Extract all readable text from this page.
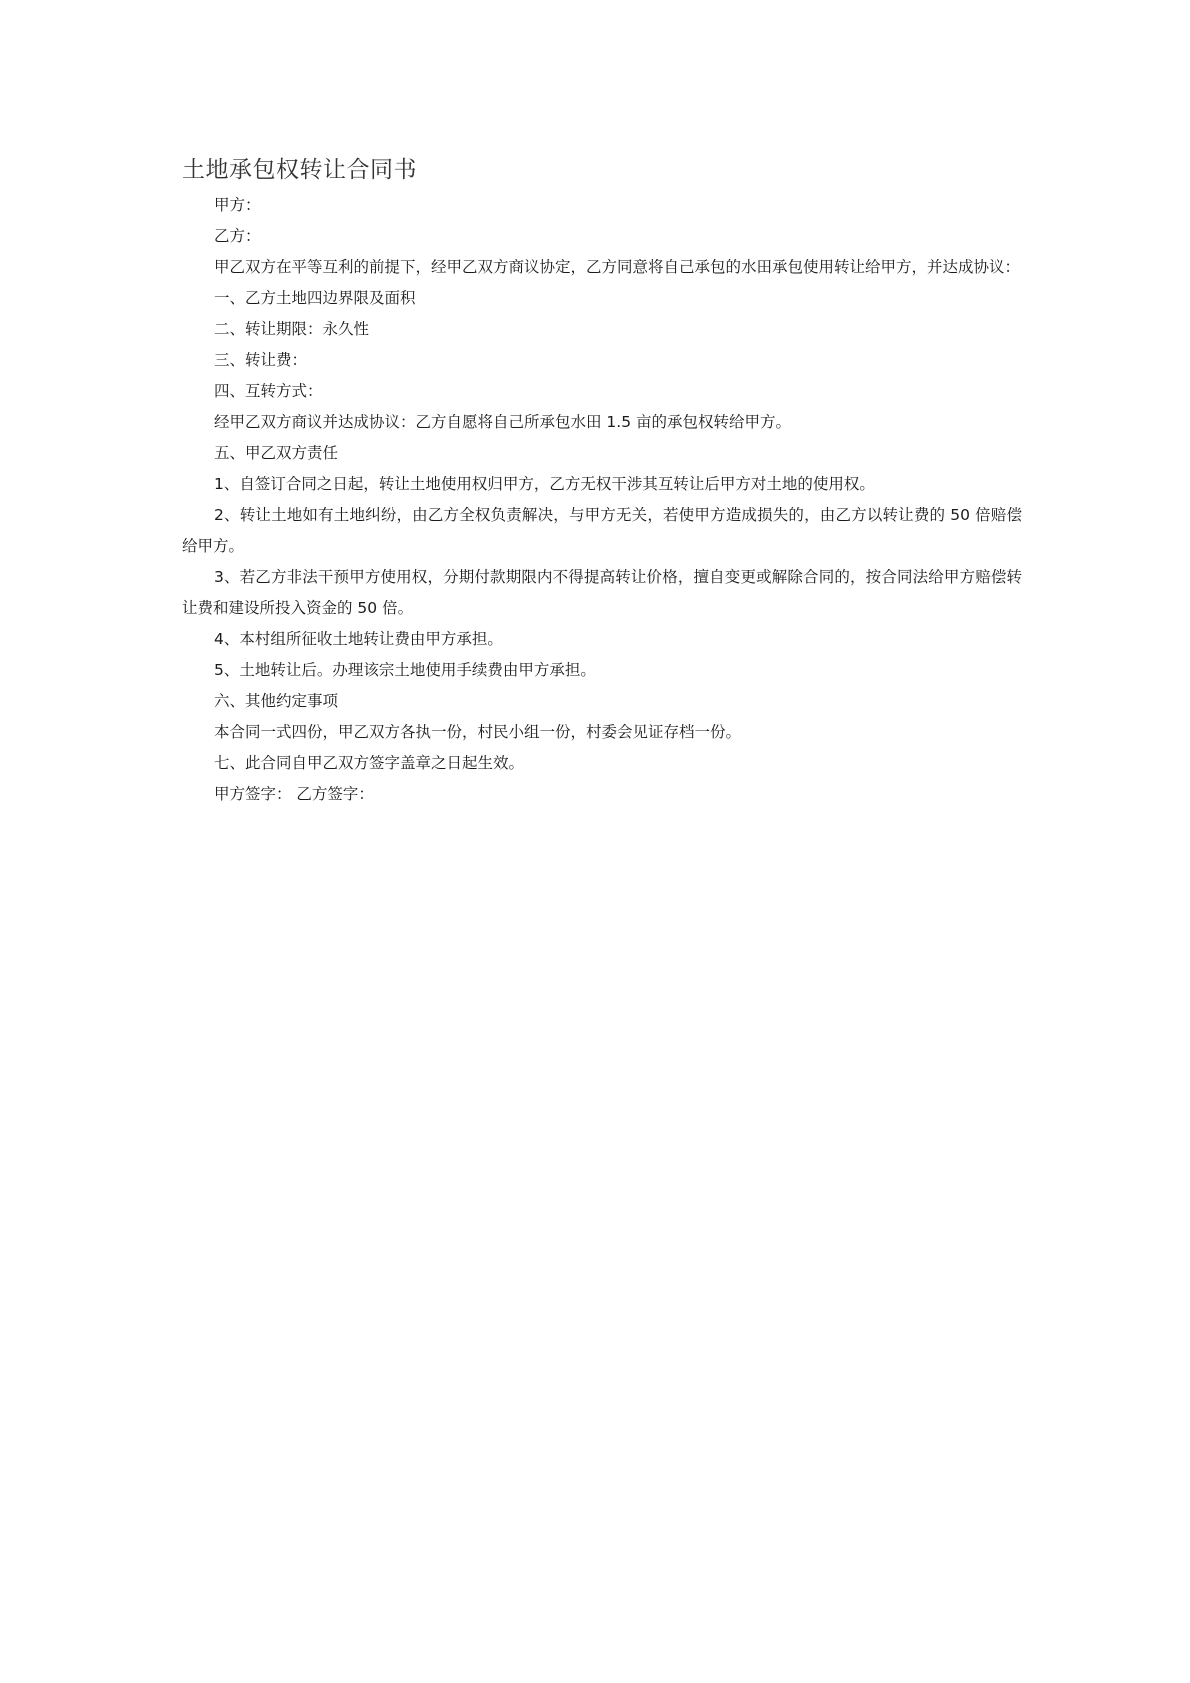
土地承包权转让合同书

甲方：

乙方：

甲乙双方在平等互利的前提下，经甲乙双方商议协定，乙方同意将自己承包的水田承包使用转让给甲方，并达成协议：

一、乙方土地四边界限及面积

二、转让期限：永久性

三、转让费：

四、互转方式：

经甲乙双方商议并达成协议：乙方自愿将自己所承包水田 1.5 亩的承包权转给甲方。

五、甲乙双方责任

1、自签订合同之日起，转让土地使用权归甲方，乙方无权干涉其互转让后甲方对土地的使用权。

2、转让土地如有土地纠纷，由乙方全权负责解决，与甲方无关，若使甲方造成损失的，由乙方以转让费的 50 倍赔偿给甲方。

3、若乙方非法干预甲方使用权，分期付款期限内不得提高转让价格，擅自变更或解除合同的，按合同法给甲方赔偿转让费和建设所投入资金的 50 倍。

4、本村组所征收土地转让费由甲方承担。

5、土地转让后。办理该宗土地使用手续费由甲方承担。

六、其他约定事项

本合同一式四份，甲乙双方各执一份，村民小组一份，村委会见证存档一份。

七、此合同自甲乙双方签字盖章之日起生效。

甲方签字： 乙方签字：
